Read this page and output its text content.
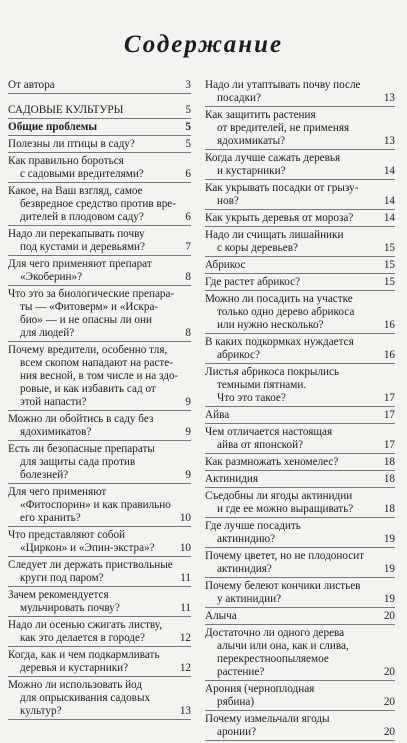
Содержание
От автора	3
САДОВЫЕ КУЛЬТУРЫ	5
Общие проблемы	5
Полезны ли птицы в саду?	5
Как правильно бороться
с садовыми вредителями?	6
Какое, на Ваш взгляд, самое
безвредное средство против вре-
дителей в плодовом саду?	6
Надо ли перекапывать почву
под кустами и деревьями?	7
Для чего применяют препарат
«Экоберин»?	8
Что это за биологические препара-
ты — «Фитоверм» и «Искра-
био» — и не опасны ли они
для людей?	8
Почему вредители, особенно тля,
всем скопом нападают на расте-
ния весной, в том числе и на здо-
ровые, и как избавить сад от
этой напасти?	9
Можно ли обойтись в саду без
ядохимикатов?	9
Есть ли безопасные препараты
для защиты сада против
болезней?	9
Для чего применяют
«Фитоспорин» и как правильно
его хранить?	10
Что представляют собой
«Циркон» и «Эпин-экстра»?	10
Следует ли держать приствольные
круги под паром?	11
Зачем рекомендуется
мульчировать почву?	11
Надо ли осенью сжигать листву,
как это делается в городе?	12
Когда, как и чем подкармливать
деревья и кустарники?	12
Можно ли использовать йод
для опрыскивания садовых
культур?	13
Надо ли утаптывать почву после
посадки?	13
Как защитить растения
от вредителей, не применяя
ядохимикаты?	13
Когда лучше сажать деревья
и кустарники?	14
Как укрывать посадки от грызу-
нов?	14
Как укрыть деревья от мороза?	14
Надо ли счищать лишайники
с коры деревьев?	15
Абрикос	15
Где растет абрикос?	15
Можно ли посадить на участке
только одно дерево абрикоса
или нужно несколько?	16
В каких подкормках нуждается
абрикос?	16
Листья абрикоса покрылись
темными пятнами.
Что это такое?	17
Айва	17
Чем отличается настоящая
айва от японской?	17
Как размножать хеномелес?	18
Актинидия	18
Съедобны ли ягоды актинидии
и где ее можно выращивать?	18
Где лучше посадить
актинидию?	19
Почему цветет, но не плодоносит
актинидия?	19
Почему белеют кончики листьев
у актинидии?	19
Алыча	20
Достаточно ли одного дерева
алычи или она, как и слива,
перекрестноопыляемое
растение?	20
Арония (черноплодная
рябина)	20
Почему измельчали ягоды
аронии?	20
